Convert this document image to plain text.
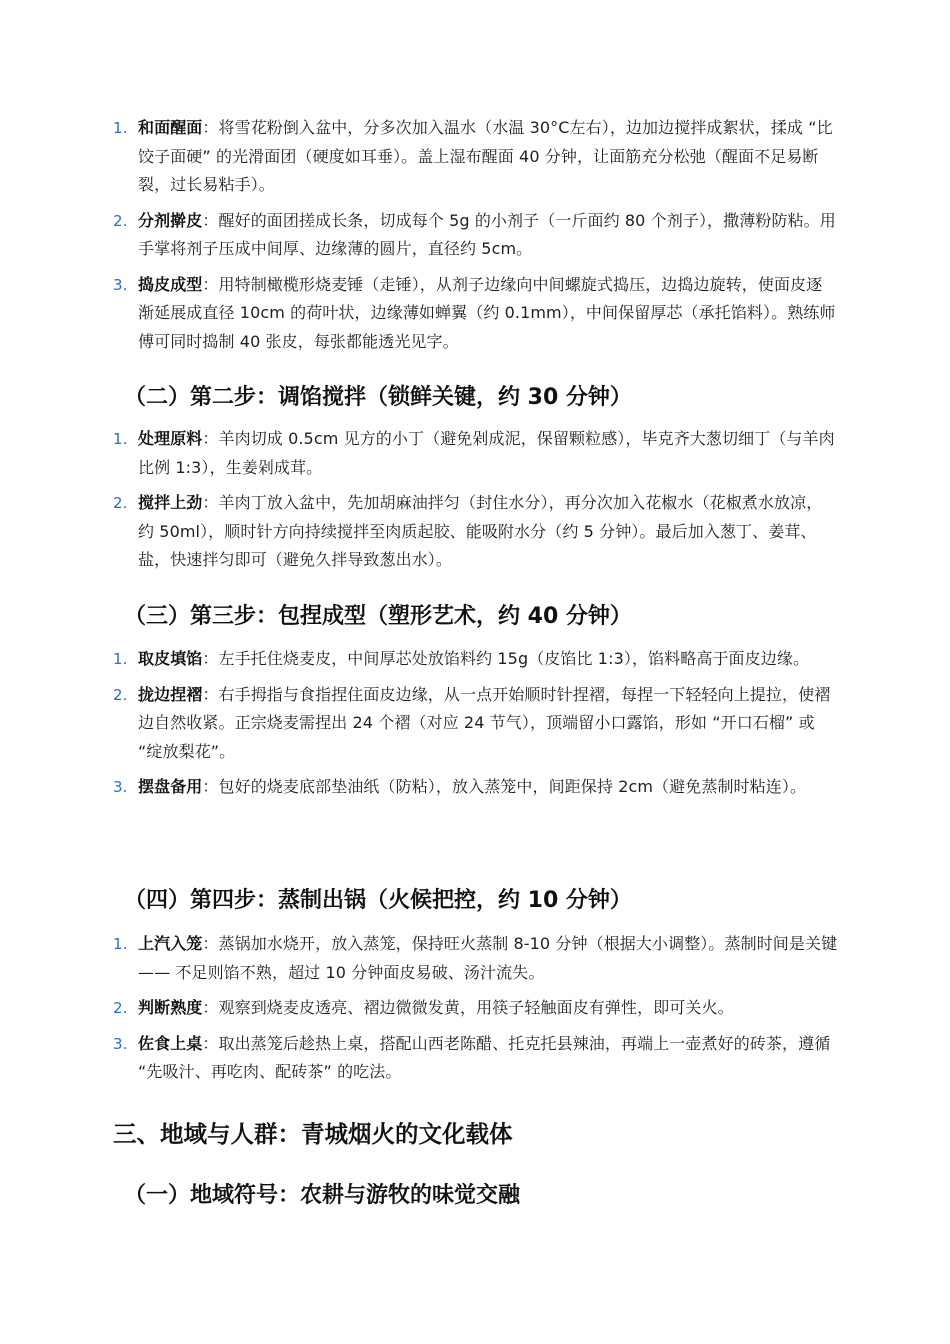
1. 和面醒面：将雪花粉倒入盆中，分多次加入温水（水温 30°C左右），边加边搅拌成絮状，揉成 “比饺子面硬” 的光滑面团（硬度如耳垂）。盖上湿布醒面 40 分钟，让面筋充分松弛（醒面不足易断裂，过长易粘手）。
2. 分剂擀皮：醒好的面团搓成长条，切成每个 5g 的小剂子（一斤面约 80 个剂子），撒薄粉防粘。用手掌将剂子压成中间厚、边缘薄的圆片，直径约 5cm。
3. 捣皮成型：用特制橄榄形烧麦锤（走锤），从剂子边缘向中间螺旋式捣压，边捣边旋转，使面皮逐渐延展成直径 10cm 的荷叶状，边缘薄如蝉翼（约 0.1mm），中间保留厚芯（承托馅料）。熟练师傅可同时捣制 40 张皮，每张都能透光见字。
（二）第二步：调馅搅拌（锁鲜关键，约 30 分钟）
1. 处理原料：羊肉切成 0.5cm 见方的小丁（避免剁成泥，保留颗粒感），毕克齐大葱切细丁（与羊肉比例 1:3），生姜剁成茸。
2. 搅拌上劲：羊肉丁放入盆中，先加胡麻油拌匀（封住水分），再分次加入花椒水（花椒煮水放凉，约 50ml），顺时针方向持续搅拌至肉质起胶、能吸附水分（约 5 分钟）。最后加入葱丁、姜茸、盐，快速拌匀即可（避免久拌导致葱出水）。
（三）第三步：包捏成型（塑形艺术，约 40 分钟）
1. 取皮填馅：左手托住烧麦皮，中间厚芯处放馅料约 15g（皮馅比 1:3），馅料略高于面皮边缘。
2. 拢边捏褶：右手拇指与食指捏住面皮边缘，从一点开始顺时针捏褶，每捏一下轻轻向上提拉，使褶边自然收紧。正宗烧麦需捏出 24 个褶（对应 24 节气），顶端留小口露馅，形如 “开口石榴” 或 “绽放梨花”。
3. 摆盘备用：包好的烧麦底部垫油纸（防粘），放入蒸笼中，间距保持 2cm（避免蒸制时粘连）。
（四）第四步：蒸制出锅（火候把控，约 10 分钟）
1. 上汽入笼：蒸锅加水烧开，放入蒸笼，保持旺火蒸制 8-10 分钟（根据大小调整）。蒸制时间是关键 —— 不足则馅不熟，超过 10 分钟面皮易破、汤汁流失。
2. 判断熟度：观察到烧麦皮透亮、褶边微微发黄，用筷子轻触面皮有弹性，即可关火。
3. 佐食上桌：取出蒸笼后趁热上桌，搭配山西老陈醋、托克托县辣油，再端上一壶煮好的砖茶，遵循 “先吸汁、再吃肉、配砖茶” 的吃法。
三、地域与人群：青城烟火的文化载体
（一）地域符号：农耕与游牧的味觉交融
